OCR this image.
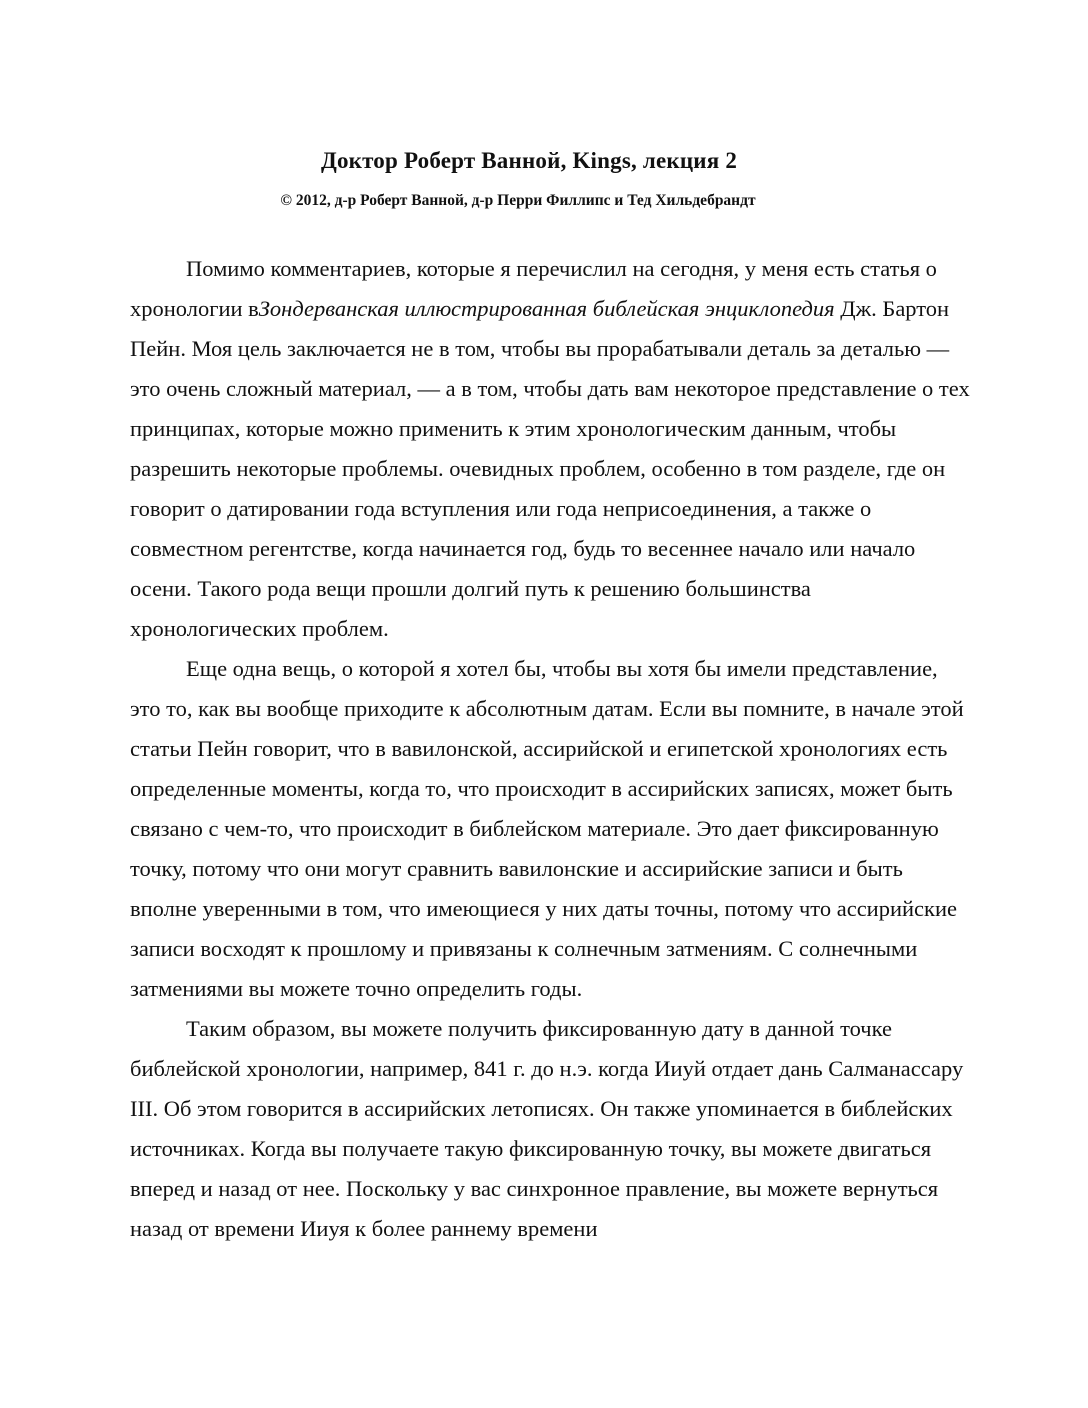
Доктор Роберт Ванной, Kings, лекция 2
© 2012, д-р Роберт Ванной, д-р Перри Филлипс и Тед Хильдебрандт

Помимо комментариев, которые я перечислил на сегодня, у меня есть статья о хронологии вЗондерванская иллюстрированная библейская энциклопедия Дж. Бартон Пейн. Моя цель заключается не в том, чтобы вы прорабатывали деталь за деталью — это очень сложный материал, — а в том, чтобы дать вам некоторое представление о тех принципах, которые можно применить к этим хронологическим данным, чтобы разрешить некоторые проблемы. очевидных проблем, особенно в том разделе, где он говорит о датировании года вступления или года неприсоединения, а также о совместном регентстве, когда начинается год, будь то весеннее начало или начало осени. Такого рода вещи прошли долгий путь к решению большинства хронологических проблем.

Еще одна вещь, о которой я хотел бы, чтобы вы хотя бы имели представление, это то, как вы вообще приходите к абсолютным датам. Если вы помните, в начале этой статьи Пейн говорит, что в вавилонской, ассирийской и египетской хронологиях есть определенные моменты, когда то, что происходит в ассирийских записях, может быть связано с чем-то, что происходит в библейском материале. Это дает фиксированную точку, потому что они могут сравнить вавилонские и ассирийские записи и быть вполне уверенными в том, что имеющиеся у них даты точны, потому что ассирийские записи восходят к прошлому и привязаны к солнечным затмениям. С солнечными затмениями вы можете точно определить годы.

Таким образом, вы можете получить фиксированную дату в данной точке библейской хронологии, например, 841 г. до н.э. когда Ииуй отдает дань Салманассару III. Об этом говорится в ассирийских летописях. Он также упоминается в библейских источниках. Когда вы получаете такую фиксированную точку, вы можете двигаться вперед и назад от нее. Поскольку у вас синхронное правление, вы можете вернуться назад от времени Ииуя к более раннему времени
